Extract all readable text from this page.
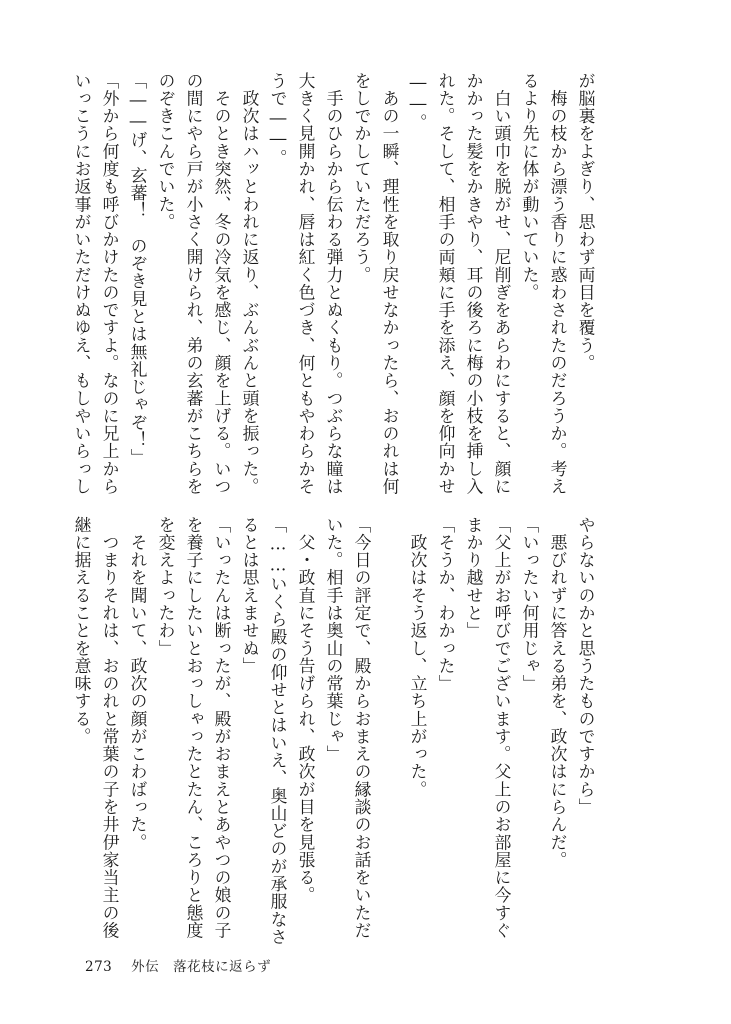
が脳裏をよぎり、思わず両目を覆う。
　梅の枝から漂う香りに惑わされたのだろうか。考え
るより先に体が動いていた。
　白い頭巾を脱がせ、尼削ぎをあらわにすると、顔に
かかった髪をかきやり、耳の後ろに梅の小枝を挿し入
れた。そして、相手の両頬に手を添え、顔を仰向かせ
――。
　あの一瞬、理性を取り戻せなかったら、おのれは何
をしでかしていただろう。
　手のひらから伝わる弾力とぬくもり。つぶらな瞳は
大きく見開かれ、唇は紅く色づき、何ともやわらかそ
うで――。
　政次はハッとわれに返り、ぶんぶんと頭を振った。
　そのとき突然、冬の冷気を感じ、顔を上げる。いつ
の間にやら戸が小さく開けられ、弟の玄蕃がこちらを
のぞきこんでいた。
「――げ、玄蕃！　のぞき見とは無礼じゃぞ！」
「外から何度も呼びかけたのですよ。なのに兄上から
いっこうにお返事がいただけぬゆえ、もしやいらっし
やらないのかと思うたものですから」
　悪びれずに答える弟を、政次はにらんだ。
「いったい何用じゃ」
「父上がお呼びでございます。父上のお部屋に今すぐ
まかり越せと」
「そうか、わかった」
　政次はそう返し、立ち上がった。
「今日の評定で、殿からおまえの縁談のお話をいただ
いた。相手は奥山の常葉じゃ」
　父・政直にそう告げられ、政次が目を見張る。
「……いくら殿の仰せとはいえ、奥山どのが承服なさ
るとは思えませぬ」
「いったんは断ったが、殿がおまえとあやつの娘の子
を養子にしたいとおっしゃったとたん、ころりと態度
を変えよったわ」
　それを聞いて、政次の顔がこわばった。
　つまりそれは、おのれと常葉の子を井伊家当主の後
継に据えることを意味する。
273 外伝　落花枝に返らず
